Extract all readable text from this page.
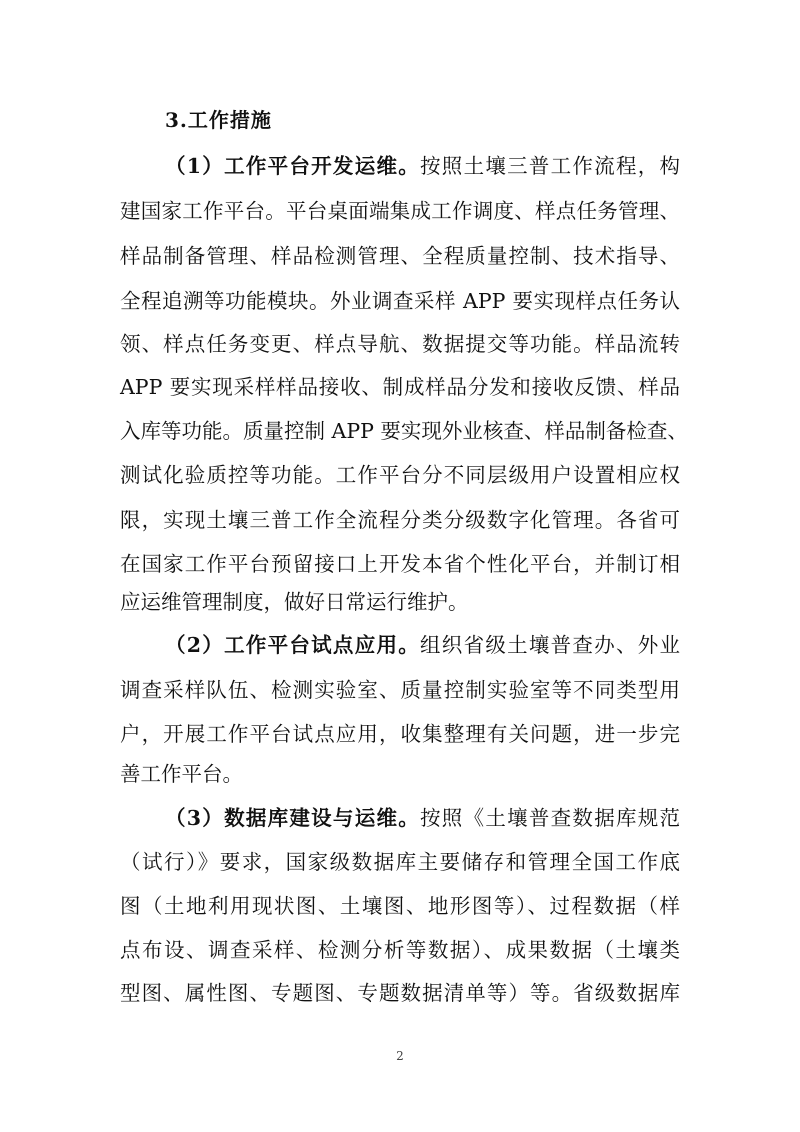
3.工作措施
（1）工作平台开发运维。按照土壤三普工作流程，构
建国家工作平台。平台桌面端集成工作调度、样点任务管理、
样品制备管理、样品检测管理、全程质量控制、技术指导、
全程追溯等功能模块。外业调查采样 APP 要实现样点任务认
领、样点任务变更、样点导航、数据提交等功能。样品流转
APP 要实现采样样品接收、制成样品分发和接收反馈、样品
入库等功能。质量控制 APP 要实现外业核查、样品制备检查、
测试化验质控等功能。工作平台分不同层级用户设置相应权
限，实现土壤三普工作全流程分类分级数字化管理。各省可
在国家工作平台预留接口上开发本省个性化平台，并制订相
应运维管理制度，做好日常运行维护。
（2）工作平台试点应用。组织省级土壤普查办、外业
调查采样队伍、检测实验室、质量控制实验室等不同类型用
户，开展工作平台试点应用，收集整理有关问题，进一步完
善工作平台。
（3）数据库建设与运维。按照《土壤普查数据库规范
（试行）》要求，国家级数据库主要储存和管理全国工作底
图（土地利用现状图、土壤图、地形图等）、过程数据（样
点布设、调查采样、检测分析等数据）、成果数据（土壤类
型图、属性图、专题图、专题数据清单等）等。省级数据库
2
